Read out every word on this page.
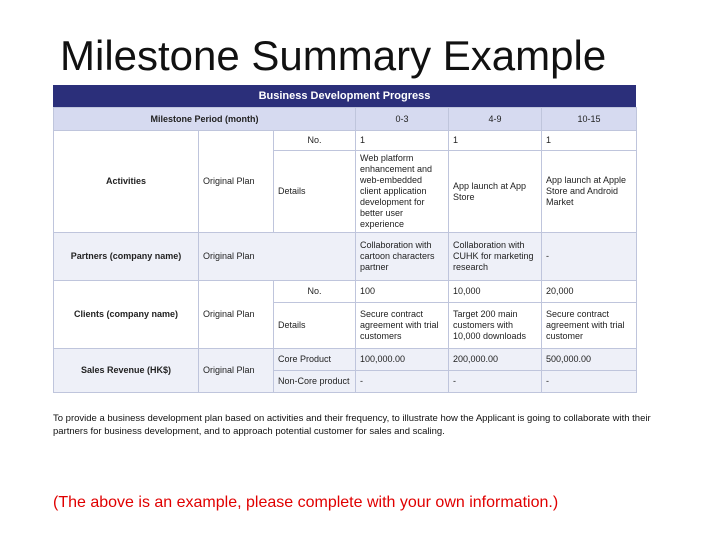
Milestone Summary Example
Business Development Progress
Milestone Period (month)			0-3	4-9	10-15
Activities	Original Plan	No.	1	1	1
		Details	Web platform enhancement and web-embedded client application development for better user experience	App launch at App Store	App launch at Apple Store and Android Market
Partners (company name)	Original Plan		Collaboration with cartoon characters partner	Collaboration with CUHK for marketing research	-
Clients (company name)	Original Plan	No.	100	10,000	20,000
		Details	Secure contract agreement with trial customers	Target 200 main customers with 10,000 downloads	Secure contract agreement with trial customer
Sales Revenue (HK$)	Original Plan	Core Product	100,000.00	200,000.00	500,000.00
		Non-Core product	-	-	-

To provide a business development plan based on activities and their frequency, to illustrate how the Applicant is going to collaborate with their partners for business development, and to approach potential customer for sales and scaling.

(The above is an example, please complete with your own information.)
